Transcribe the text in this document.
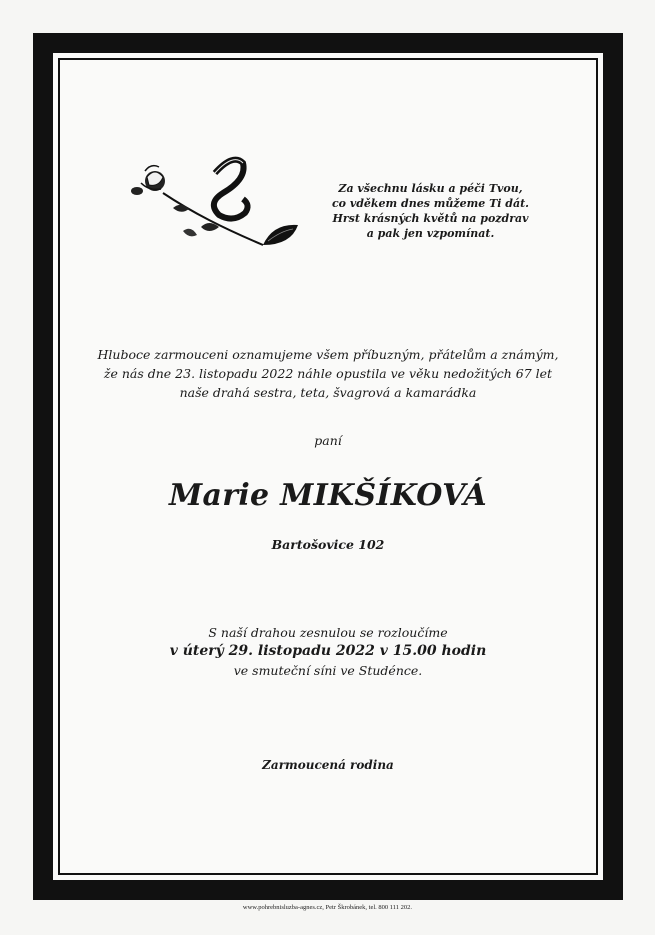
Za všechnu lásku a péči Tvou,
co vděkem dnes můžeme Ti dát.
Hrst krásných květů na pozdrav
a pak jen vzpomínat.
Hluboce zarmouceni oznamujeme všem příbuzným, přátelům a známým,
že nás dne 23. listopadu 2022 náhle opustila ve věku nedožitých 67 let
naše drahá sestra, teta, švagrová a kamarádka
paní
Marie MIKŠÍKOVÁ
Bartošovice 102
S naší drahou zesnulou se rozloučíme
v úterý 29. listopadu 2022 v 15.00 hodin
ve smuteční síni ve Studénce.
Zarmoucená rodina
www.pohrebnisluzba-agnes.cz, Petr Škrobánek, tel. 800 111 202.
